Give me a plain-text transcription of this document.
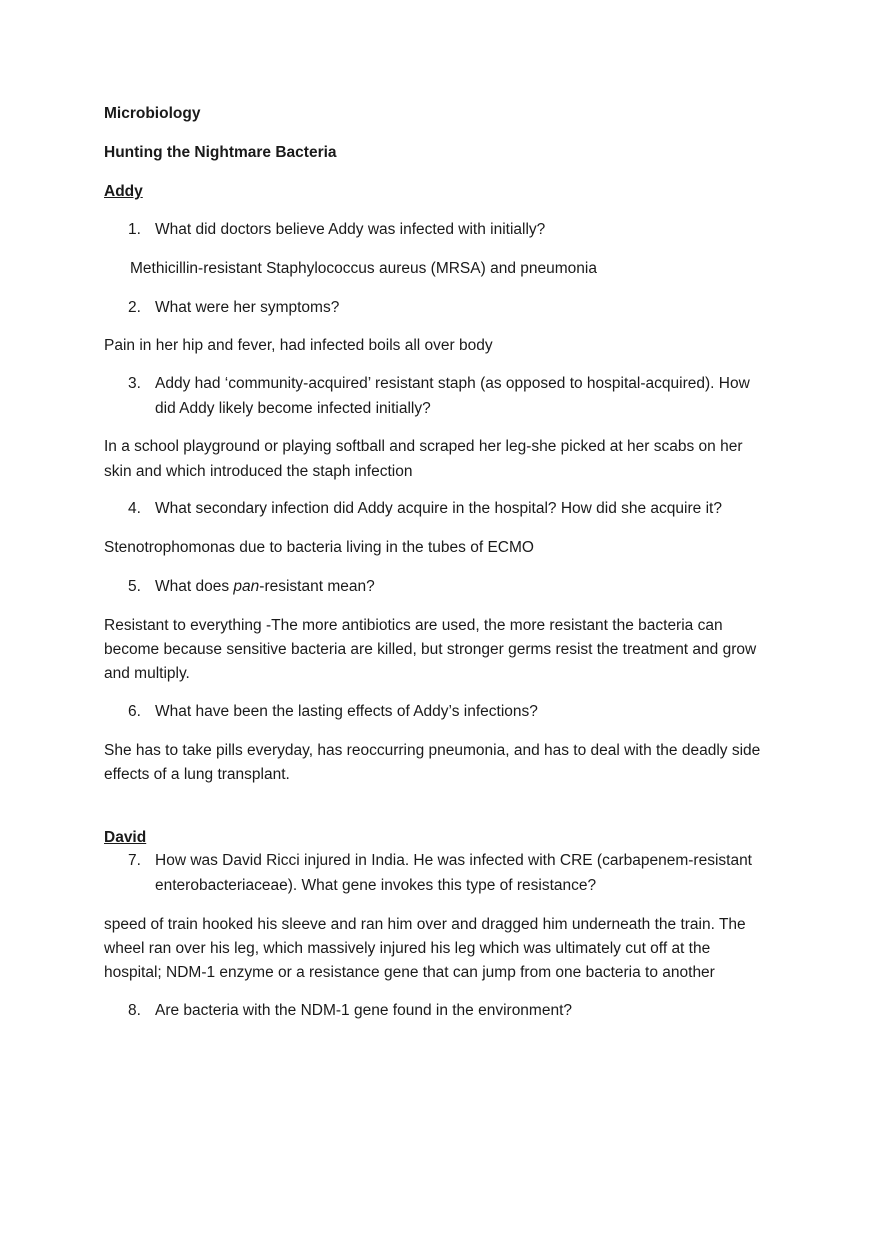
Microbiology
Hunting the Nightmare Bacteria
Addy
1. What did doctors believe Addy was infected with initially?
Methicillin-resistant Staphylococcus aureus (MRSA) and pneumonia
2. What were her symptoms?
Pain in her hip and fever, had infected boils all over body
3. Addy had ‘community-acquired’ resistant staph (as opposed to hospital-acquired). How
did Addy likely become infected initially?
In a school playground or playing softball and scraped her leg-she picked at her scabs on her
skin and which introduced the staph infection
4. What secondary infection did Addy acquire in the hospital? How did she acquire it?
Stenotrophomonas due to bacteria living in the tubes of ECMO
5. What does pan-resistant mean?
Resistant to everything -The more antibiotics are used, the more resistant the bacteria can
become because sensitive bacteria are killed, but stronger germs resist the treatment and grow
and multiply.
6. What have been the lasting effects of Addy’s infections?
She has to take pills everyday, has reoccurring pneumonia, and has to deal with the deadly side
effects of a lung transplant.
David
7. How was David Ricci injured in India. He was infected with CRE (carbapenem-resistant
enterobacteriaceae). What gene invokes this type of resistance?
speed of train hooked his sleeve and ran him over and dragged him underneath the train. The
wheel ran over his leg, which massively injured his leg which was ultimately cut off at the
hospital; NDM-1 enzyme or a resistance gene that can jump from one bacteria to another
8. Are bacteria with the NDM-1 gene found in the environment?
